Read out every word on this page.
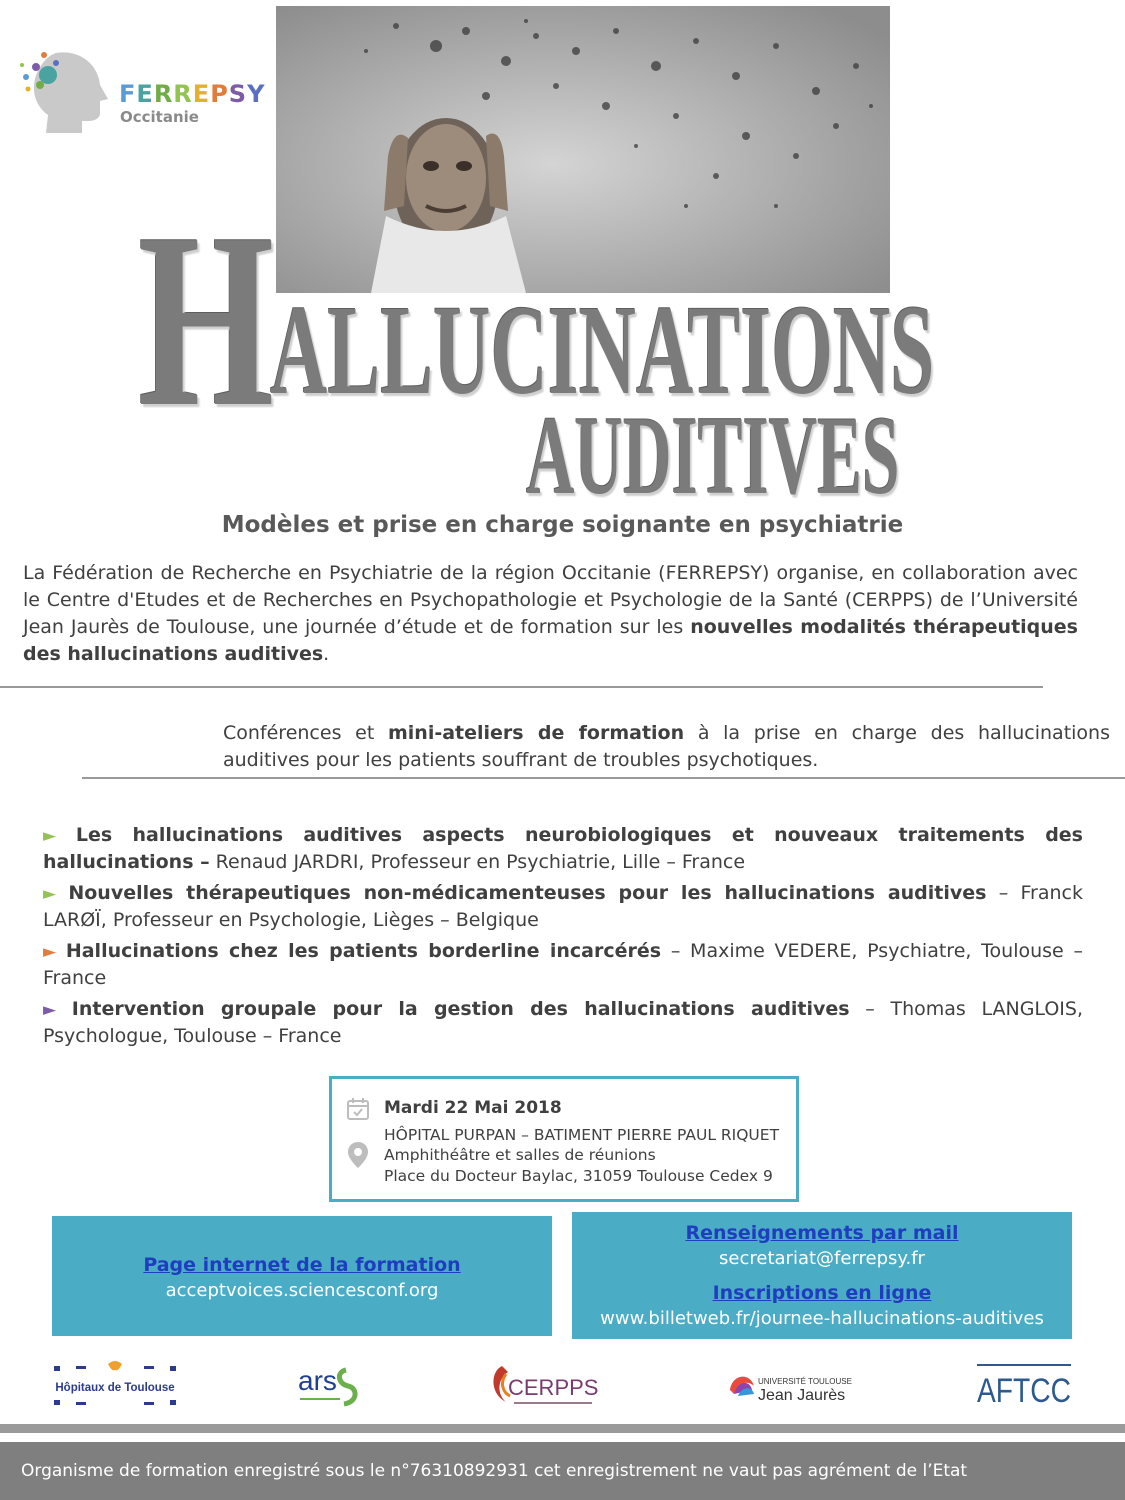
FERREPSY
Occitanie
H
ALLUCINATIONS
AUDITIVES
Modèles et prise en charge soignante en psychiatrie
La Fédération de Recherche en Psychiatrie de la région Occitanie (FERREPSY) organise, en collaboration avec le Centre d'Etudes et de Recherches en Psychopathologie et Psychologie de la Santé (CERPPS) de l’Université Jean Jaurès de Toulouse, une journée d’étude et de formation sur les nouvelles modalités thérapeutiques des hallucinations auditives.
Conférences et mini-ateliers de formation à la prise en charge des hallucinations auditives pour les patients souffrant de troubles psychotiques.
► Les hallucinations auditives aspects neurobiologiques et nouveaux traitements des hallucinations – Renaud JARDRI, Professeur en Psychiatrie, Lille – France
► Nouvelles thérapeutiques non-médicamenteuses pour les hallucinations auditives – Franck LARØÏ, Professeur en Psychologie, Lièges – Belgique
► Hallucinations chez les patients borderline incarcérés – Maxime VEDERE, Psychiatre, Toulouse – France
► Intervention groupale pour la gestion des hallucinations auditives – Thomas LANGLOIS, Psychologue, Toulouse – France
Mardi 22 Mai 2018
HÔPITAL PURPAN – BATIMENT PIERRE PAUL RIQUET
Amphithéâtre et salles de réunions
Place du Docteur Baylac, 31059 Toulouse Cedex 9
Page internet de la formation
acceptvoices.sciencesconf.org
Renseignements par mail
secretariat@ferrepsy.fr
Inscriptions en ligne
www.billetweb.fr/journee-hallucinations-auditives
Hôpitaux de Toulouse	ars	CERPPS	UNIVERSITÉ TOULOUSE
Jean Jaurès	AFTCC
Organisme de formation enregistré sous le n°76310892931 cet enregistrement ne vaut pas agrément de l’Etat
